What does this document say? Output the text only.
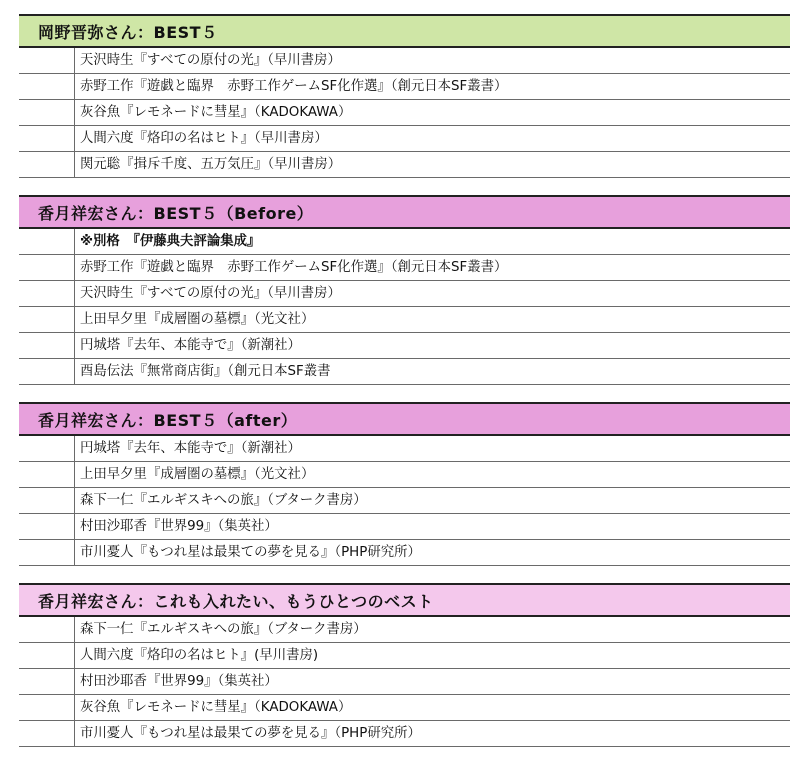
岡野晋弥さん：BEST５
天沢時生『すべての原付の光』（早川書房）
赤野工作『遊戯と臨界　赤野工作ゲームSF化作選』（創元日本SF叢書）
灰谷魚『レモネードに彗星』（KADOKAWA）
人間六度『烙印の名はヒト』（早川書房）
関元聡『揖斥千度、五万気圧』（早川書房）
香月祥宏さん：BEST５（Before）
※別格　『伊藤典夫評論集成』
赤野工作『遊戯と臨界　赤野工作ゲームSF化作選』（創元日本SF叢書）
天沢時生『すべての原付の光』（早川書房）
上田早夕里『成層圏の墓標』（光文社）
円城塔『去年、本能寺で』（新潮社）
酉島伝法『無常商店街』（創元日本SF叢書
香月祥宏さん：BEST５（after）
円城塔『去年、本能寺で』（新潮社）
上田早夕里『成層圏の墓標』（光文社）
森下一仁『エルギスキへの旅』（ブターク書房）
村田沙耶香『世界99』（集英社）
市川憂人『もつれ星は最果ての夢を見る』（PHP研究所）
香月祥宏さん：これも入れたい、もうひとつのベスト
森下一仁『エルギスキへの旅』（ブターク書房）
人間六度『烙印の名はヒト』(早川書房)
村田沙耶香『世界99』（集英社）
灰谷魚『レモネードに彗星』（KADOKAWA）
市川憂人『もつれ星は最果ての夢を見る』（PHP研究所）
